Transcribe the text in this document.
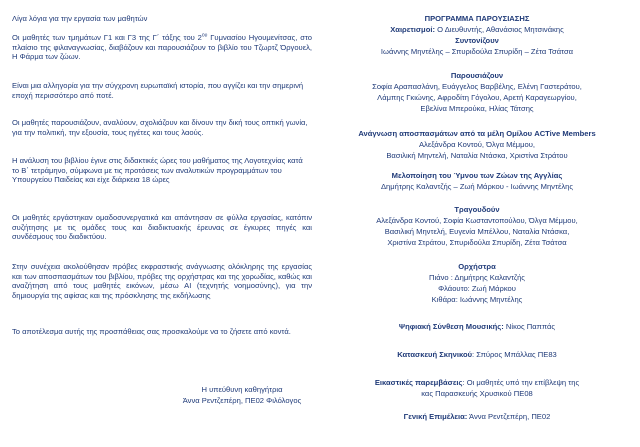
Λίγα λόγια για την εργασία των μαθητών

Οι μαθητές των τμημάτων Γ1 και Γ3 της Γ΄ τάξης του $2^{o\upsilon}$ Γυμνασίου Ηγουμενίτσας, στο πλαίσιο της φιλαναγνωσίας, διαβάζουν και παρουσιάζουν το βιβλίο του Τζωρτζ Όργουελ, Η Φάρμα των ζώων.

Είναι μια αλληγορία για την σύγχρονη ευρωπαϊκή ιστορία, που αγγίζει και την σημερινή εποχή περισσότερο από ποτέ.

Οι μαθητές παρουσιάζουν, αναλύουν, σχολιάζουν και δίνουν την δική τους οπτική γωνία, για την πολιτική, την εξουσία, τους ηγέτες και τους λαούς.

Η ανάλυση του βιβλίου έγινε στις διδακτικές ώρες του μαθήματος της Λογοτεχνίας κατά το Β΄ τετράμηνο, σύμφωνα με τις προτάσεις των αναλυτικών προγραμμάτων του Υπουργείου Παιδείας και είχε διάρκεια 18 ώρες

Οι μαθητές εργάστηκαν ομαδοσυνεργατικά και απάντησαν σε φύλλα εργασίας, κατόπιν συζήτησης με τις ομάδες τους και διαδικτυακής έρευνας σε έγκυρες πηγές και συνδέσμους του διαδικτύου.

Στην συνέχεια ακολούθησαν πρόβες εκφραστικής ανάγνωσης ολόκληρης της εργασίας και των αποσπασμάτων του βιβλίου, πρόβες της ορχήστρας και της χορωδίας, καθώς και αναζήτηση από τους μαθητές εικόνων, μέσω AI (τεχνητής νοημοσύνης), για την δημιουργία της αφίσας και της πρόσκλησης της εκδήλωσης

Το αποτέλεσμα αυτής της προσπάθειας σας προσκαλούμε να το ζήσετε από κοντά.

Η υπεύθυνη καθηγήτρια
Άννα Ρεντζεπέρη, ΠΕ02 Φιλόλογος
ΠΡΟΓΡΑΜΜΑ ΠΑΡΟΥΣΙΑΣΗΣ
Χαιρετισμοί: Ο Διευθυντής, Αθανάσιος Μητσινάκης
Συντονίζουν
Ιωάννης Μηντέλης – Σπυριδούλα Σπυρίδη – Ζέτα Τσάτσα
Παρουσιάζουν
Σοφία Αραπασλάνη, Ευάγγελος Βαρβέλης, Ελένη Γαστεράτου,
Λάμπης Γκιώνης, Αφροδίτη Γόγολου, Αρετή Καραγεωργίου,
Εβελίνα Μπερούκα, Ηλίας Τάτσης
Ανάγνωση αποσπασμάτων από τα μέλη Ομίλου ACTive Members
Αλεξάνδρα Κοντού, Όλγα Μέμμου,
Βασιλική Μηντελή, Ναταλία Ντάσκα, Χριστίνα Στράτου
Μελοποίηση του Ύμνου των Ζώων της Αγγλίας
Δημήτρης Καλαντζής – Ζωή Μάρκου - Ιωάννης Μηντέλης
Τραγουδούν
Αλεξάνδρα Κοντού, Σοφία Κωσταντοπούλου, Όλγα Μέμμου,
Βασιλική Μηντελή, Ευγενία Μπέλλου, Ναταλία Ντάσκα,
Χριστίνα Στράτου, Σπυριδούλα Σπυρίδη, Ζέτα Τσάτσα
Ορχήστρα
Πιάνο : Δημήτρης Καλαντζής
Φλάουτο: Ζωή Μάρκου
Κιθάρα: Ιωάννης Μηντέλης
Ψηφιακή Σύνθεση Μουσικής: Νίκος Παππάς
Κατασκευή Σκηνικού: Σπύρος Μπάλλας ΠΕ83
Εικαστικές παρεμβάσεις: Οι μαθητές υπό την επίβλεψη της
κας Παρασκευής Χρυσικού ΠΕ08
Γενική Επιμέλεια: Άννα Ρεντζεπέρη, ΠΕ02
